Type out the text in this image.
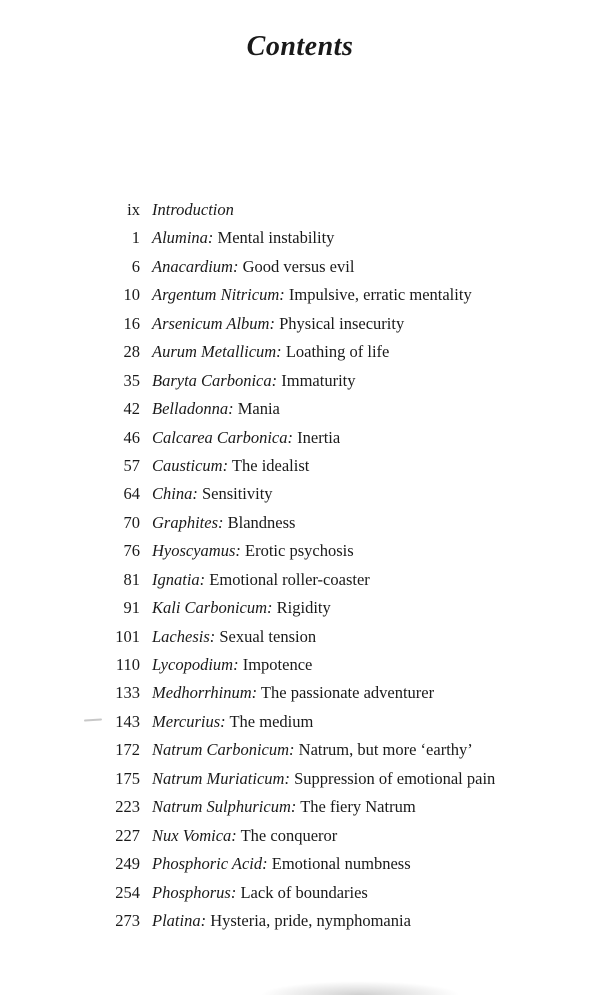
Contents
ix Introduction
1 Alumina: Mental instability
6 Anacardium: Good versus evil
10 Argentum Nitricum: Impulsive, erratic mentality
16 Arsenicum Album: Physical insecurity
28 Aurum Metallicum: Loathing of life
35 Baryta Carbonica: Immaturity
42 Belladonna: Mania
46 Calcarea Carbonica: Inertia
57 Causticum: The idealist
64 China: Sensitivity
70 Graphites: Blandness
76 Hyoscyamus: Erotic psychosis
81 Ignatia: Emotional roller-coaster
91 Kali Carbonicum: Rigidity
101 Lachesis: Sexual tension
110 Lycopodium: Impotence
133 Medhorrhinum: The passionate adventurer
143 Mercurius: The medium
172 Natrum Carbonicum: Natrum, but more ‘earthy’
175 Natrum Muriaticum: Suppression of emotional pain
223 Natrum Sulphuricum: The fiery Natrum
227 Nux Vomica: The conqueror
249 Phosphoric Acid: Emotional numbness
254 Phosphorus: Lack of boundaries
273 Platina: Hysteria, pride, nymphomania
